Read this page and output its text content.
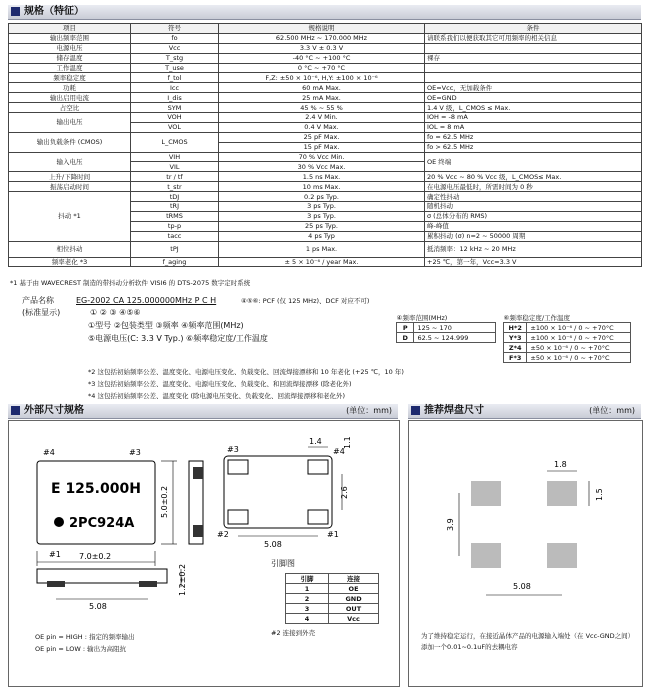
规格（特征）
项目	符号	规格说明	条件
输出频率范围	fo	62.500 MHz ~ 170.000 MHz	请联系我们以便获取其它可用频率的相关信息
电源电压	Vcc	3.3 V ± 0.3 V	
储存温度	T_stg	-40 °C ~ +100 °C	裸存
工作温度	T_use	0 °C ~ +70 °C	
频率稳定度	f_tol	F,Z: ±50 × 10⁻⁶, H,Y: ±100 × 10⁻⁶	
功耗	Icc	60 mA Max.	OE=Vcc，无加载条件
输出启用电流	I_dis	25 mA Max.	OE=GND
占空比	SYM	45 % ~ 55 %	1.4 V 级，L_CMOS ≤ Max.
输出电压	VOH	2.4 V Min.	IOH = -8 mA
	VOL	0.4 V Max.	IOL = 8 mA
输出负载条件 (CMOS)	L_CMOS	25 pF Max.	fo = 62.5 MHz
		15 pF Max.	fo > 62.5 MHz
输入电压	VIH	70 % Vcc Min.	OE 终端
	VIL	30 % Vcc Max.	
上升/下降时间	tr / tf	1.5 ns Max.	20 % Vcc ~ 80 % Vcc 级，L_CMOS≤ Max.
振荡启动时间	t_str	10 ms Max.	在电源电压最低时，所需时间为 0 秒
抖动 *1	tDJ	0.2 ps Typ.	确定性抖动
	tRJ	3 ps Typ.	随机抖动
	tRMS	3 ps Typ.	σ (总体分布的 RMS)
	tp-p	25 ps Typ.	峰-峰值
	tacc	4 ps Typ	累积抖动 (σ) n=2 ~ 50000 周期
相位抖动	tPJ	1 ps Max.	抵消频率：12 kHz ~ 20 MHz
频率老化 *3	f_aging	± 5 × 10⁻⁶ / year Max.	+25 ℃，第一年，Vcc=3.3 V
*1 基于由 WAVECREST 制造的带抖动分析软件 VISI6 的 DTS-2075 数字定时系统
产品名称
(标准显示)
EG-2002 CA 125.000000MHz P C H	④⑤⑥: PCF (仅 125 MHz)、DCF 对应不可)
① ② ③ ④⑤⑥
①型号 ②包装类型 ③频率 ④频率范围(MHz)
⑤电源电压(C: 3.3 V Typ.) ⑥频率稳定度/工作温度
④频率范围(MHz)	
P	125 ~ 170
D	62.5 ~ 124.999
⑥频率稳定度/工作温度	
H*2	±100 × 10⁻⁶ / 0 ~ +70°C
Y*3	±100 × 10⁻⁶ / 0 ~ +70°C
Z*4	±50 × 10⁻⁶ / 0 ~ +70°C
F*3	±50 × 10⁻⁶ / 0 ~ +70°C
*2 这包括初始频率公差、温度变化、电源电压变化、负载变化、回流焊接漂移和 10 年老化 (+25 ℃，10 年)
*3 这包括初始频率公差、温度变化、电源电压变化、负载变化、和回流焊接漂移 (除老化外)
*4 这包括初始频率公差、温度变化 (除电源电压变化、负载变化、回流焊接漂移和老化外)
外部尺寸规格	(单位：mm)
#4	#3
#1
E 125.000H
2PC924A
7.0±0.2
5.0±0.2
#3	#4
#2	#1
1.4	1.1
2.6
5.08
5.08
1.2±0.2
引脚图
引脚	连接
1	OE
2	GND
3	OUT
4	Vcc
#2 连接到外壳
OE pin = HIGH : 指定的频率输出
OE pin = LOW : 输出为高阻抗
推荐焊盘尺寸	(单位：mm)
1.8
1.5
3.9
5.08
为了维持稳定运行，在接近晶体产品的电源输入端处（在 Vcc-GND之间）添加一个0.01~0.1uF的去耦电容
